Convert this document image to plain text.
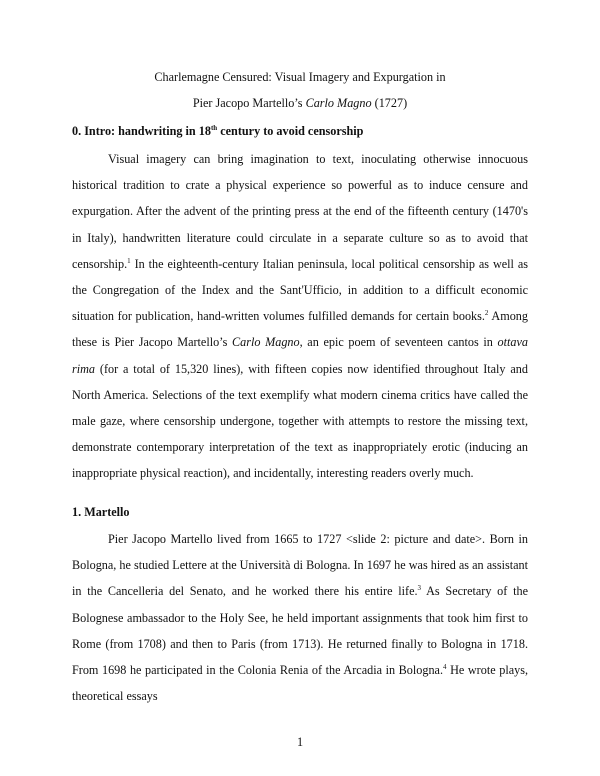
Charlemagne Censured: Visual Imagery and Expurgation in
Pier Jacopo Martello’s Carlo Magno (1727)
0. Intro: handwriting in 18th century to avoid censorship

Visual imagery can bring imagination to text, inoculating otherwise innocuous historical tradition to crate a physical experience so powerful as to induce censure and expurgation. After the advent of the printing press at the end of the fifteenth century (1470's in Italy), handwritten literature could circulate in a separate culture so as to avoid that censorship.$^1$ In the eighteenth-century Italian peninsula, local political censorship as well as the Congregation of the Index and the Sant'Ufficio, in addition to a difficult economic situation for publication, hand-written volumes fulfilled demands for certain books.$^2$ Among these is Pier Jacopo Martello’s Carlo Magno, an epic poem of seventeen cantos in ottava rima (for a total of 15,320 lines), with fifteen copies now identified throughout Italy and North America. Selections of the text exemplify what modern cinema critics have called the male gaze, where censorship undergone, together with attempts to restore the missing text, demonstrate contemporary interpretation of the text as inappropriately erotic (inducing an inappropriate physical reaction), and incidentally, interesting readers overly much.

1. Martello

Pier Jacopo Martello lived from 1665 to 1727 <slide 2: picture and date>. Born in Bologna, he studied Lettere at the Università di Bologna. In 1697 he was hired as an assistant in the Cancelleria del Senato, and he worked there his entire life.$^3$ As Secretary of the Bolognese ambassador to the Holy See, he held important assignments that took him first to Rome (from 1708) and then to Paris (from 1713). He returned finally to Bologna in 1718. From 1698 he participated in the Colonia Renia of the Arcadia in Bologna.$^4$ He wrote plays, theoretical essays

1
